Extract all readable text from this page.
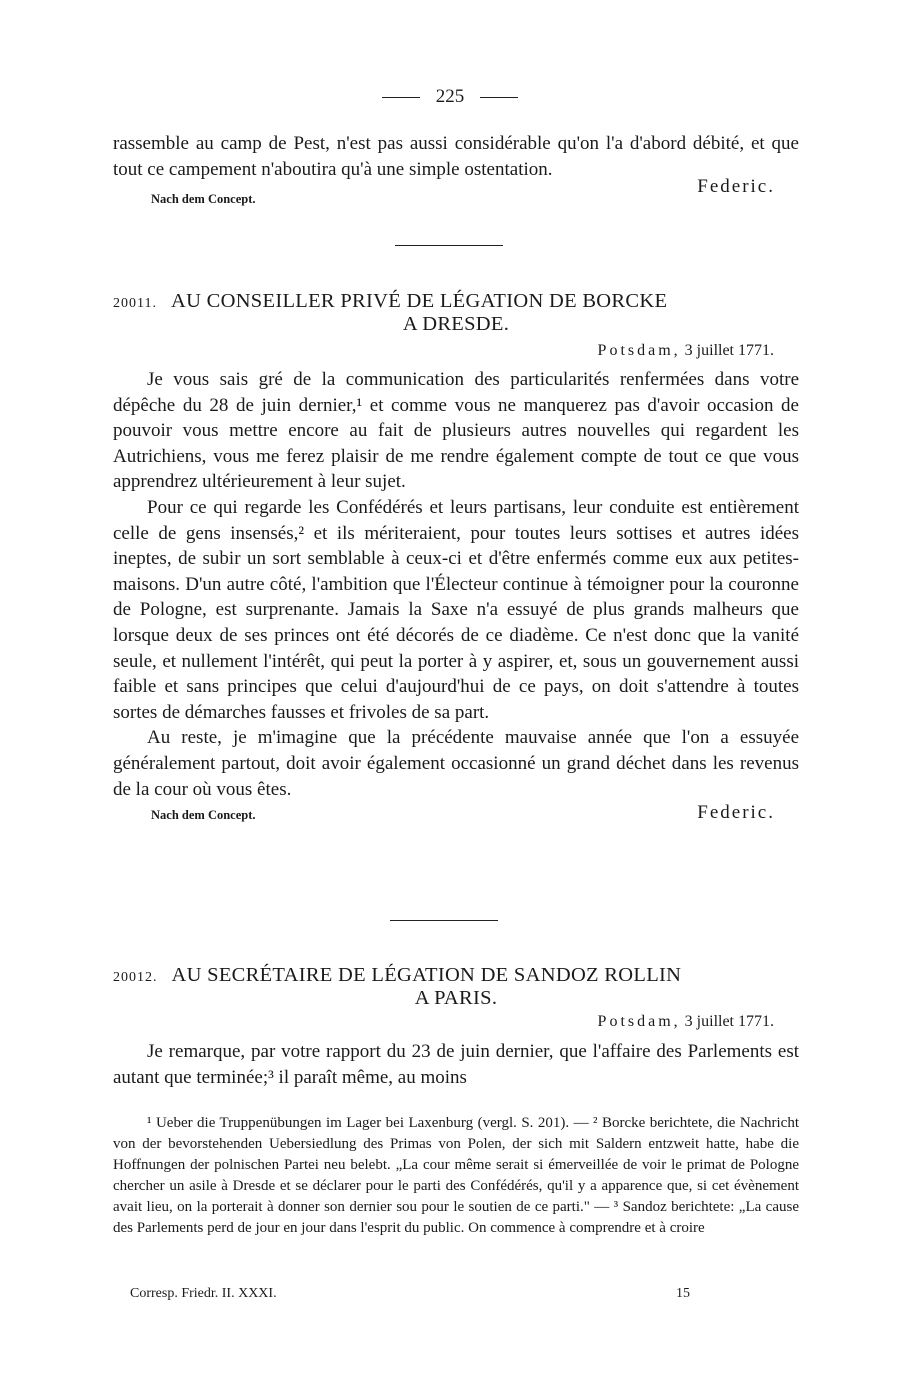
225

rassemble au camp de Pest, n'est pas aussi considérable qu'on l'a d'abord débité, et que tout ce campement n'aboutira qu'à une simple ostentation.

Nach dem Concept.
Federic.
20011. AU CONSEILLER PRIVÉ DE LÉGATION DE BORCKE
A DRESDE.
Potsdam, 3 juillet 1771.

Je vous sais gré de la communication des particularités renfermées dans votre dépêche du 28 de juin dernier,¹ et comme vous ne manquerez pas d'avoir occasion de pouvoir vous mettre encore au fait de plusieurs autres nouvelles qui regardent les Autrichiens, vous me ferez plaisir de me rendre également compte de tout ce que vous apprendrez ultérieurement à leur sujet.

Pour ce qui regarde les Confédérés et leurs partisans, leur conduite est entièrement celle de gens insensés,² et ils mériteraient, pour toutes leurs sottises et autres idées ineptes, de subir un sort semblable à ceux-ci et d'être enfermés comme eux aux petites-maisons. D'un autre côté, l'ambition que l'Électeur continue à témoigner pour la couronne de Pologne, est surprenante. Jamais la Saxe n'a essuyé de plus grands malheurs que lorsque deux de ses princes ont été décorés de ce diadème. Ce n'est donc que la vanité seule, et nullement l'intérêt, qui peut la porter à y aspirer, et, sous un gouvernement aussi faible et sans principes que celui d'aujourd'hui de ce pays, on doit s'attendre à toutes sortes de démarches fausses et frivoles de sa part.

Au reste, je m'imagine que la précédente mauvaise année que l'on a essuyée généralement partout, doit avoir également occasionné un grand déchet dans les revenus de la cour où vous êtes.

Nach dem Concept.	Federic.
20012. AU SECRÉTAIRE DE LÉGATION DE SANDOZ ROLLIN
A PARIS.
Potsdam, 3 juillet 1771.

Je remarque, par votre rapport du 23 de juin dernier, que l'affaire des Parlements est autant que terminée;³ il paraît même, au moins

¹ Ueber die Truppenübungen im Lager bei Laxenburg (vergl. S. 201). — ² Borcke berichtete, die Nachricht von der bevorstehenden Uebersiedlung des Primas von Polen, der sich mit Saldern entzweit hatte, habe die Hoffnungen der polnischen Partei neu belebt. „La cour même serait si émerveillée de voir le primat de Pologne chercher un asile à Dresde et se déclarer pour le parti des Confédérés, qu'il y a apparence que, si cet évènement avait lieu, on la porterait à donner son dernier sou pour le soutien de ce parti." — ³ Sandoz berichtete: „La cause des Parlements perd de jour en jour dans l'esprit du public. On commence à comprendre et à croire

Corresp. Friedr. II. XXXI.	15
